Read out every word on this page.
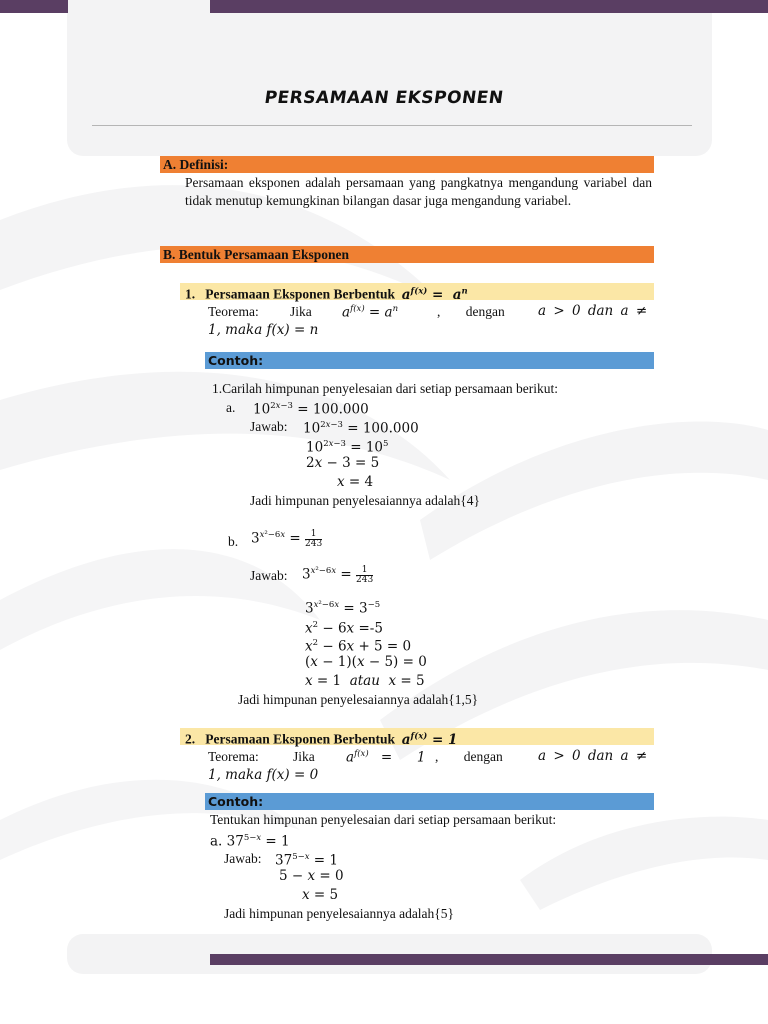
PERSAMAAN EKSPONEN
A. Definisi:
Persamaan eksponen adalah persamaan yang pangkatnya mengandung variabel dan tidak menutup kemungkinan bilangan dasar juga mengandung variabel.
B. Bentuk Persamaan Eksponen
1. Persamaan Eksponen Berbentuk $a^{f(x)} = a^n$
Teorema: Jika $a^{f(x)} = a^n$	, dengan a > 0 dan a ≠
1, maka f(x) = n
Contoh:
1.Carilah himpunan penyelesaian dari setiap persamaan berikut:
a. $10^{2x-3} = 100.000$
Jawab: $10^{2x-3} = 100.000$
$10^{2x-3} = 10^5$
2x − 3 = 5
x = 4
Jadi himpunan penyelesaiannya adalah{4}
b. $3^{x^2-6x} = \frac{1}{243}$
Jawab: $3^{x^2-6x} = \frac{1}{243}$
$3^{x^2-6x} = 3^{-5}$
$x^2 - 6x =-5$
$x^2 - 6x + 5 = 0$
(x − 1)(x − 5) = 0
x = 1  atau x = 5
Jadi himpunan penyelesaiannya adalah{1,5}
2. Persamaan Eksponen Berbentuk $a^{f(x)} = 1$
Teorema:	Jika $a^{f(x)} = 1$ , dengan	a > 0 dan a ≠
1, maka f(x) = 0
Contoh:
Tentukan himpunan penyelesaian dari setiap persamaan berikut:
a. $37^{5-x} = 1$
Jawab: $37^{5-x} = 1$
5 − x = 0
x = 5
Jadi himpunan penyelesaiannya adalah{5}
